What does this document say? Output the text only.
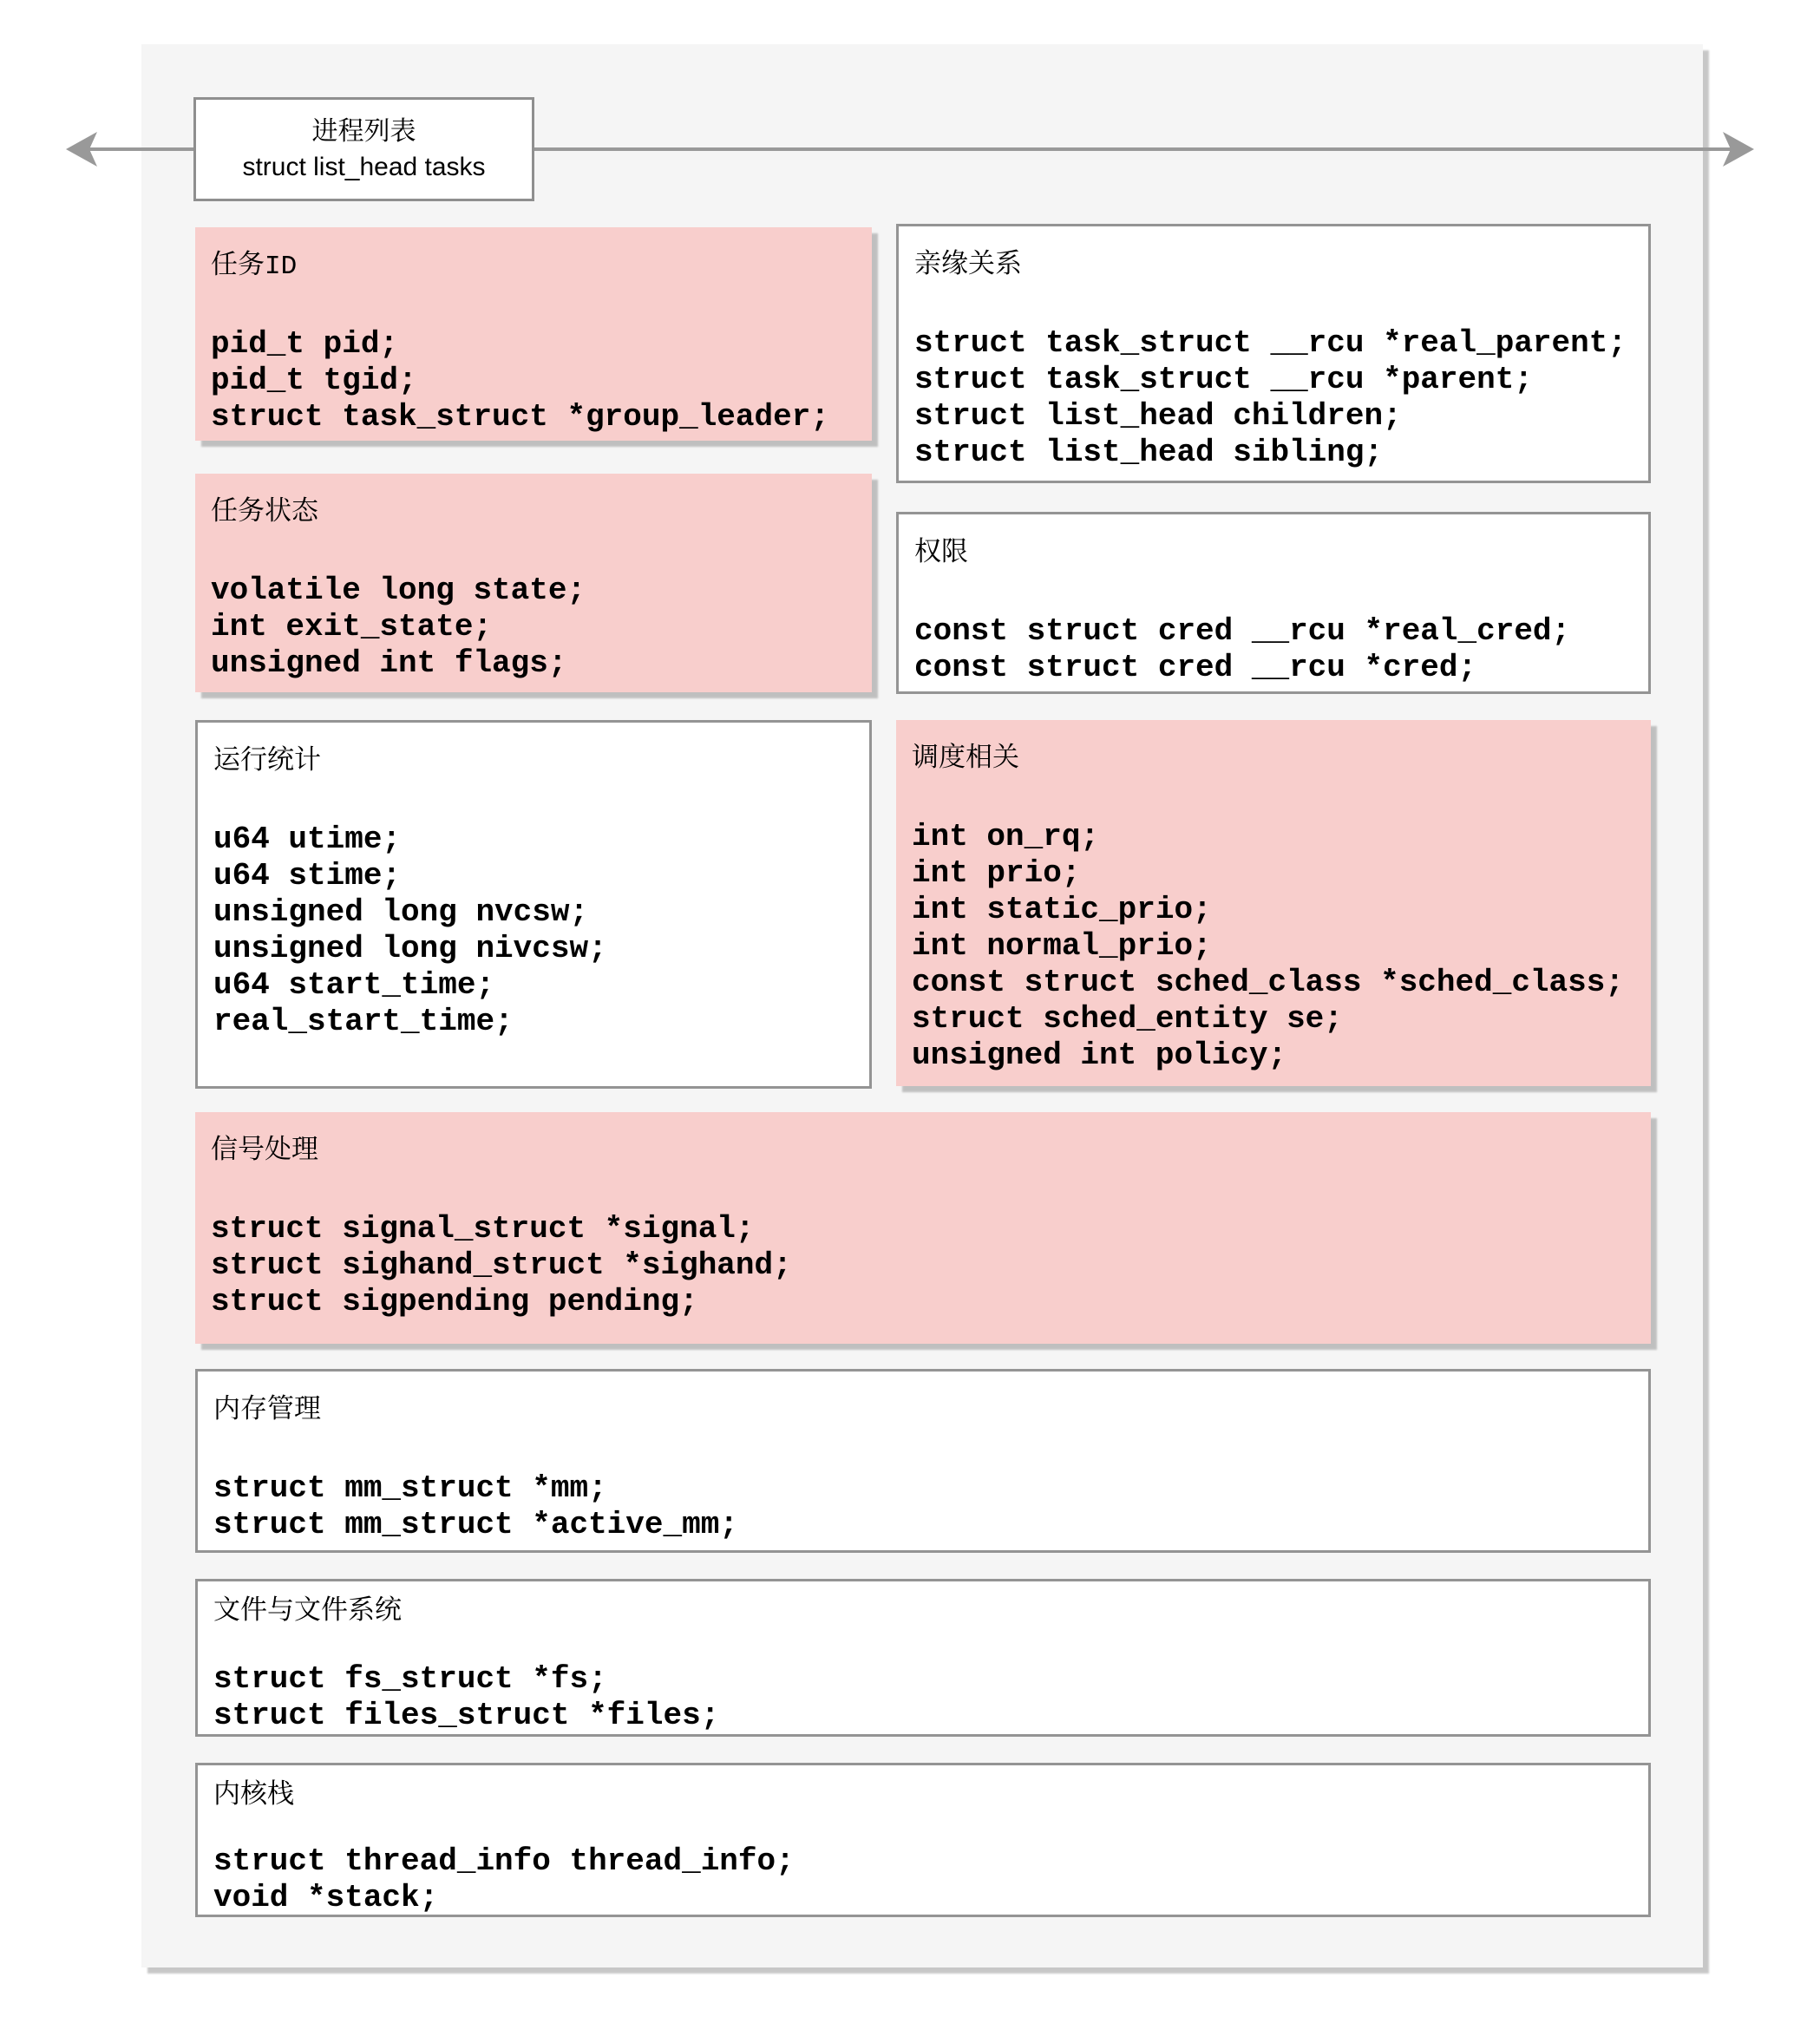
进程列表
struct list_head tasks
任务ID
pid_t pid;
pid_t tgid;
struct task_struct *group_leader;
亲缘关系
struct task_struct __rcu *real_parent;
struct task_struct __rcu *parent;
struct list_head children;
struct list_head sibling;
任务状态
volatile long state;
int exit_state;
unsigned int flags;
权限
const struct cred __rcu *real_cred;
const struct cred __rcu *cred;
运行统计
u64 utime;
u64 stime;
unsigned long nvcsw;
unsigned long nivcsw;
u64 start_time;
real_start_time;
调度相关
int on_rq;
int prio;
int static_prio;
int normal_prio;
const struct sched_class *sched_class;
struct sched_entity se;
unsigned int policy;
信号处理
struct signal_struct *signal;
struct sighand_struct *sighand;
struct sigpending pending;
内存管理
struct mm_struct *mm;
struct mm_struct *active_mm;
文件与文件系统
struct fs_struct *fs;
struct files_struct *files;
内核栈
struct thread_info thread_info;
void *stack;
